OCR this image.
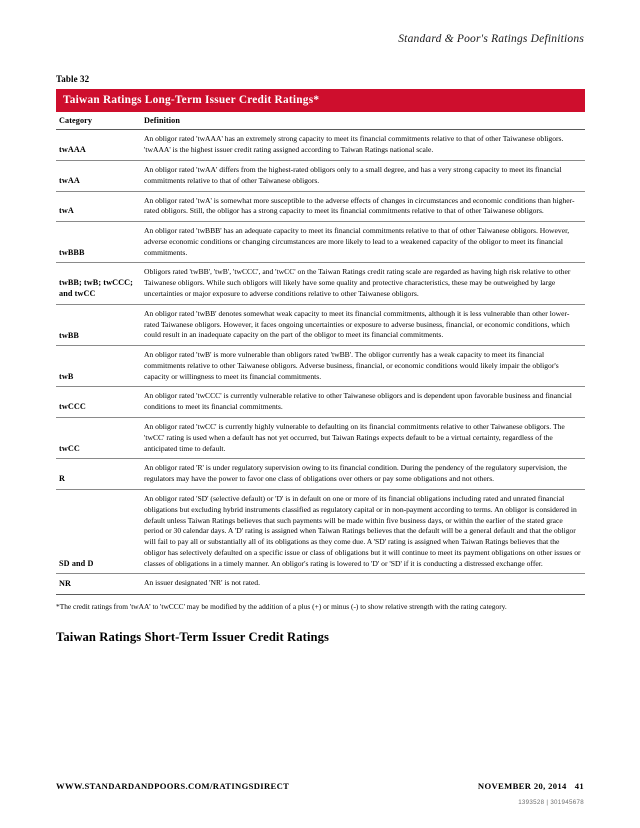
Standard & Poor's Ratings Definitions
Table 32
Taiwan Ratings Long-Term Issuer Credit Ratings*
Category	Definition
twAAA	An obligor rated 'twAAA' has an extremely strong capacity to meet its financial commitments relative to that of other Taiwanese obligors. 'twAAA' is the highest issuer credit rating assigned according to Taiwan Ratings national scale.
twAA	An obligor rated 'twAA' differs from the highest-rated obligors only to a small degree, and has a very strong capacity to meet its financial commitments relative to that of other Taiwanese obligors.
twA	An obligor rated 'twA' is somewhat more susceptible to the adverse effects of changes in circumstances and economic conditions than higher-rated obligors. Still, the obligor has a strong capacity to meet its financial commitments relative to that of other Taiwanese obligors.
twBBB	An obligor rated 'twBBB' has an adequate capacity to meet its financial commitments relative to that of other Taiwanese obligors. However, adverse economic conditions or changing circumstances are more likely to lead to a weakened capacity of the obligor to meet its financial commitments.
twBB; twB; twCCC; and twCC	Obligors rated 'twBB', 'twB', 'twCCC', and 'twCC' on the Taiwan Ratings credit rating scale are regarded as having high risk relative to other Taiwanese obligors. While such obligors will likely have some quality and protective characteristics, these may be outweighed by large uncertainties or major exposure to adverse conditions relative to other Taiwanese obligors.
twBB	An obligor rated 'twBB' denotes somewhat weak capacity to meet its financial commitments, although it is less vulnerable than other lower-rated Taiwanese obligors. However, it faces ongoing uncertainties or exposure to adverse business, financial, or economic conditions, which could result in an inadequate capacity on the part of the obligor to meet its financial commitments.
twB	An obligor rated 'twB' is more vulnerable than obligors rated 'twBB'. The obligor currently has a weak capacity to meet its financial commitments relative to other Taiwanese obligors. Adverse business, financial, or economic conditions would likely impair the obligor's capacity or willingness to meet its financial commitments.
twCCC	An obligor rated 'twCCC' is currently vulnerable relative to other Taiwanese obligors and is dependent upon favorable business and financial conditions to meet its financial commitments.
twCC	An obligor rated 'twCC' is currently highly vulnerable to defaulting on its financial commitments relative to other Taiwanese obligors. The 'twCC' rating is used when a default has not yet occurred, but Taiwan Ratings expects default to be a virtual certainty, regardless of the anticipated time to default.
R	An obligor rated 'R' is under regulatory supervision owing to its financial condition. During the pendency of the regulatory supervision, the regulators may have the power to favor one class of obligations over others or pay some obligations and not others.
SD and D	An obligor rated 'SD' (selective default) or 'D' is in default on one or more of its financial obligations including rated and unrated financial obligations but excluding hybrid instruments classified as regulatory capital or in non-payment according to terms. An obligor is considered in default unless Taiwan Ratings believes that such payments will be made within five business days, or within the earlier of the stated grace period or 30 calendar days. A 'D' rating is assigned when Taiwan Ratings believes that the default will be a general default and that the obligor will fail to pay all or substantially all of its obligations as they come due. A 'SD' rating is assigned when Taiwan Ratings believes that the obligor has selectively defaulted on a specific issue or class of obligations but it will continue to meet its payment obligations on other issues or classes of obligations in a timely manner. An obligor's rating is lowered to 'D' or 'SD' if it is conducting a distressed exchange offer.
NR	An issuer designated 'NR' is not rated.
*The credit ratings from 'twAA' to 'twCCC' may be modified by the addition of a plus (+) or minus (-) to show relative strength with the rating category.
Taiwan Ratings Short-Term Issuer Credit Ratings
WWW.STANDARDANDPOORS.COM/RATINGSDIRECT	NOVEMBER 20, 2014 41
1393528 | 301945678
